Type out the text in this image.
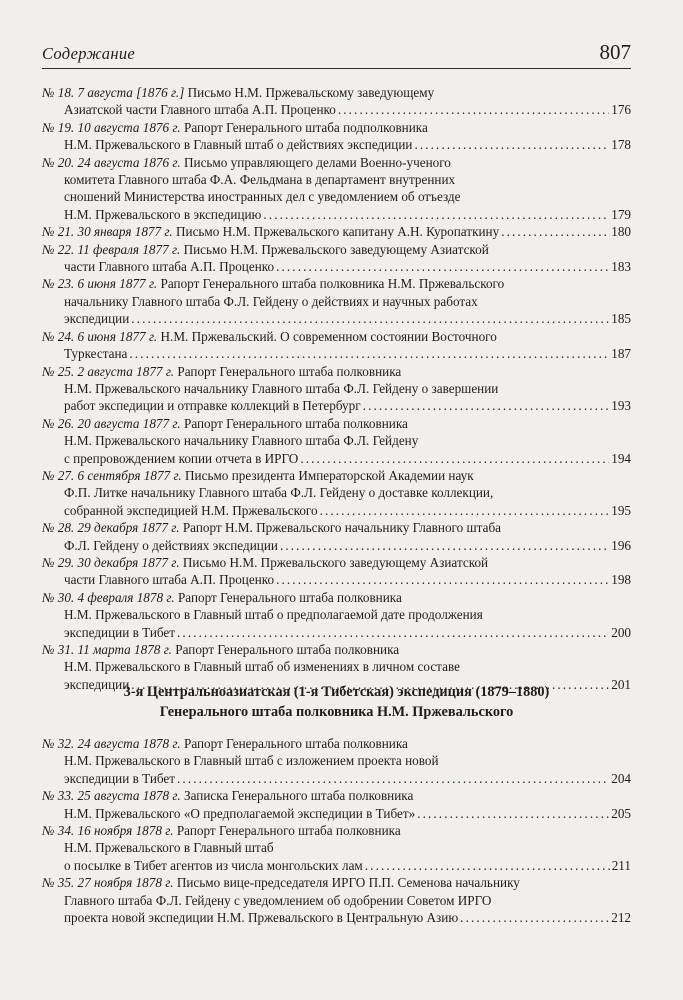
Содержание	807
№ 18. 7 августа [1876 г.] Письмо Н.М. Пржевальскому заведующему
Азиатской части Главного штаба А.П. Проценко . . .	176
№ 19. 10 августа 1876 г. Рапорт Генерального штаба подполковника
Н.М. Пржевальского в Главный штаб о действиях экспедиции . . .	178
№ 20. 24 августа 1876 г. Письмо управляющего делами Военно-ученого
комитета Главного штаба Ф.А. Фельдмана в департамент внутренних
сношений Министерства иностранных дел с уведомлением об отъезде
Н.М. Пржевальского в экспедицию . . .	179
№ 21. 30 января 1877 г. Письмо Н.М. Пржевальского капитану А.Н. Куропаткину . . .	180
№ 22. 11 февраля 1877 г. Письмо Н.М. Пржевальского заведующему Азиатской
части Главного штаба А.П. Проценко . . .	183
№ 23. 6 июня 1877 г. Рапорт Генерального штаба полковника Н.М. Пржевальского
начальнику Главного штаба Ф.Л. Гейдену о действиях и научных работах
экспедиции . . .	185
№ 24. 6 июня 1877 г. Н.М. Пржевальский. О современном состоянии Восточного
Туркестана . . .	187
№ 25. 2 августа 1877 г. Рапорт Генерального штаба полковника
Н.М. Пржевальского начальнику Главного штаба Ф.Л. Гейдену о завершении
работ экспедиции и отправке коллекций в Петербург . . .	193
№ 26. 20 августа 1877 г. Рапорт Генерального штаба полковника
Н.М. Пржевальского начальнику Главного штаба Ф.Л. Гейдену
с препровождением копии отчета в ИРГО . . .	194
№ 27. 6 сентября 1877 г. Письмо президента Императорской Академии наук
Ф.П. Литке начальнику Главного штаба Ф.Л. Гейдену о доставке коллекции,
собранной экспедицией Н.М. Пржевальского . . .	195
№ 28. 29 декабря 1877 г. Рапорт Н.М. Пржевальского начальнику Главного штаба
Ф.Л. Гейдену о действиях экспедиции . . .	196
№ 29. 30 декабря 1877 г. Письмо Н.М. Пржевальского заведующему Азиатской
части Главного штаба А.П. Проценко . . .	198
№ 30. 4 февраля 1878 г. Рапорт Генерального штаба полковника
Н.М. Пржевальского в Главный штаб о предполагаемой дате продолжения
экспедиции в Тибет . . .	200
№ 31. 11 марта 1878 г. Рапорт Генерального штаба полковника
Н.М. Пржевальского в Главный штаб об изменениях в личном составе
экспедиции . . .	201
3-я Центральноазиатская (1-я Тибетская) экспедиция (1879–1880)
Генерального штаба полковника Н.М. Пржевальского
№ 32. 24 августа 1878 г. Рапорт Генерального штаба полковника
Н.М. Пржевальского в Главный штаб с изложением проекта новой
экспедиции в Тибет . . .	204
№ 33. 25 августа 1878 г. Записка Генерального штаба полковника
Н.М. Пржевальского «О предполагаемой экспедиции в Тибет» . . .	205
№ 34. 16 ноября 1878 г. Рапорт Генерального штаба полковника
Н.М. Пржевальского в Главный штаб
о посылке в Тибет агентов из числа монгольских лам . . .	211
№ 35. 27 ноября 1878 г. Письмо вице-председателя ИРГО П.П. Семенова начальнику
Главного штаба Ф.Л. Гейдену с уведомлением об одобрении Советом ИРГО
проекта новой экспедиции Н.М. Пржевальского в Центральную Азию . . .	212
